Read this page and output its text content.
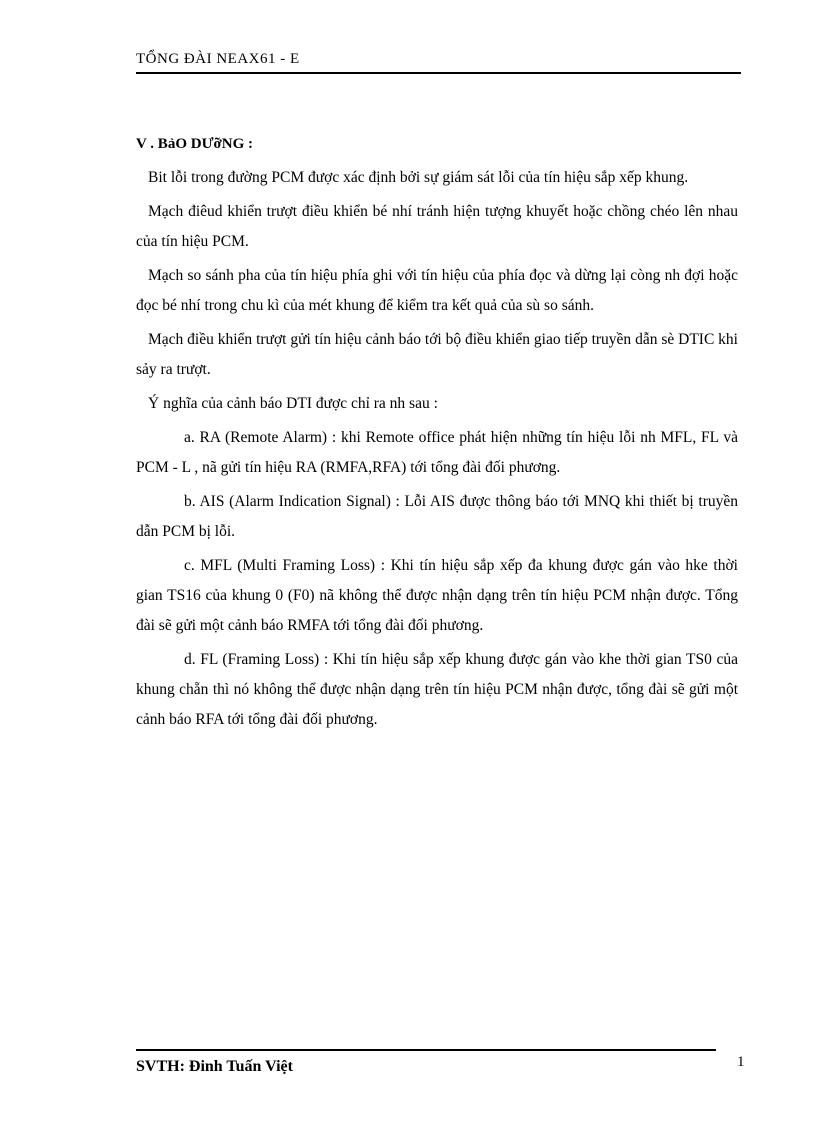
TỔNG ĐÀI NEAX61 - E
V . BảO DƯỡNG :

Bit lỗi trong đường PCM được xác định bởi sự giám sát lỗi của tín hiệu sắp xếp khung.

Mạch điêud khiển trượt điều khiển bé nhí tránh hiện tượng khuyết hoặc chồng chéo lên nhau của tín hiệu PCM.

Mạch so sánh pha của tín hiệu phía ghi với tín hiệu của phía đọc và dừng lại còng nh đợi hoặc đọc bé nhí trong chu kì của mét khung để kiểm tra kết quả của sù so sánh.

Mạch điều khiển trượt gửi tín hiệu cảnh báo tới bộ điều khiển giao tiếp truyền dẫn sè DTIC khi sảy ra trượt.

Ý nghĩa của cảnh báo DTI được chỉ ra nh sau :

a. RA (Remote Alarm) : khi Remote office phát hiện những tín hiệu lỗi nh MFL, FL và PCM - L , nã gửi tín hiệu RA (RMFA,RFA) tới tổng đài đối phương.

b. AIS (Alarm Indication Signal) : Lỗi AIS được thông báo tới MNQ khi thiết bị truyền dẫn PCM bị lỗi.

c. MFL (Multi Framing Loss) : Khi tín hiệu sắp xếp đa khung được gán vào hke thời gian TS16 của khung 0 (F0) nã không thể được nhận dạng trên tín hiệu PCM nhận được. Tổng đài sẽ gửi một cảnh báo RMFA tới tổng đài đối phương.

d. FL (Framing Loss) : Khi tín hiệu sắp xếp khung được gán vào khe thời gian TS0 của khung chẵn thì nó không thể được nhận dạng trên tín hiệu PCM nhận được, tổng đài sẽ gửi một cảnh báo RFA tới tổng đài đối phương.

SVTH: Đinh Tuấn Việt	1
